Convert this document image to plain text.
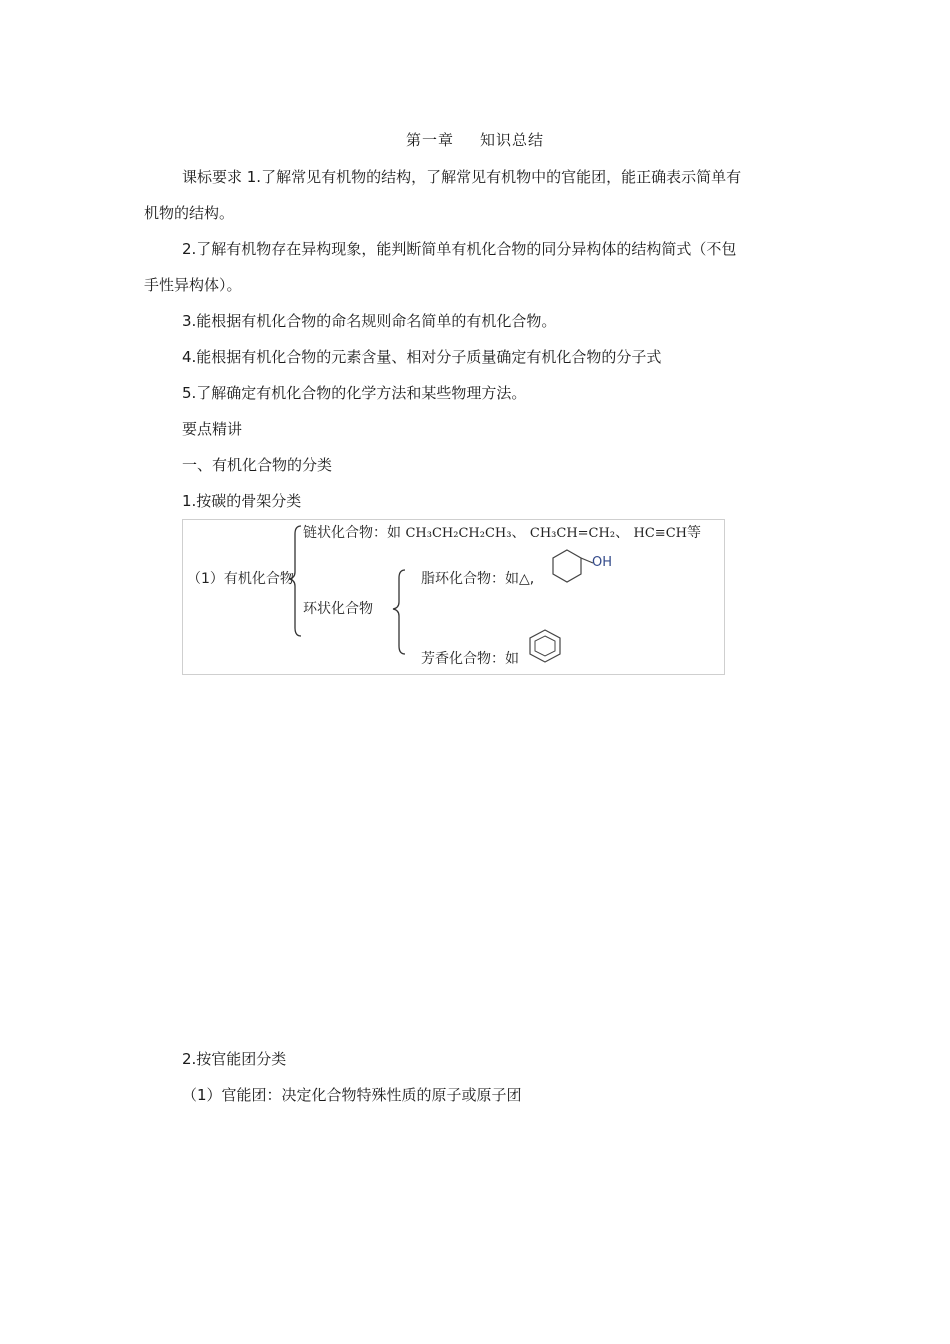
第一章 知识总结
课标要求 1.了解常见有机物的结构，了解常见有机物中的官能团，能正确表示简单有
机物的结构。
2.了解有机物存在异构现象，能判断简单有机化合物的同分异构体的结构简式（不包
手性异构体）。
3.能根据有机化合物的命名规则命名简单的有机化合物。
4.能根据有机化合物的元素含量、相对分子质量确定有机化合物的分子式
5.了解确定有机化合物的化学方法和某些物理方法。
要点精讲
一、有机化合物的分类
1.按碳的骨架分类
（1）有机化合物
链状化合物：如 CH₃CH₂CH₂CH₃、 CH₃CH=CH₂、 HC≡CH等
环状化合物
脂环化合物：如△,
OH
芳香化合物：如
2.按官能团分类
（1）官能团：决定化合物特殊性质的原子或原子团
